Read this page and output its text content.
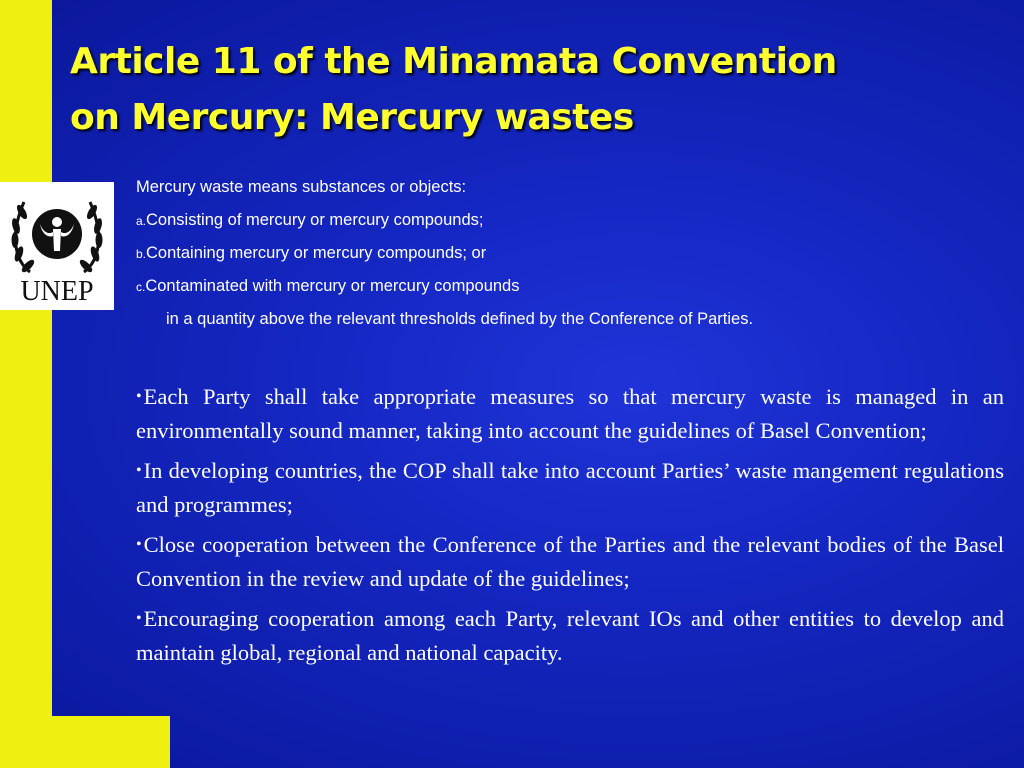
Article 11 of the Minamata Convention
on Mercury: Mercury wastes
UNEP
Mercury waste means substances or objects:
a.Consisting of mercury or mercury compounds;
b.Containing mercury or mercury compounds; or
c.Contaminated with mercury or mercury compounds
in a quantity above the relevant thresholds defined by the Conference of Parties.

•Each Party shall take appropriate measures so that mercury waste is managed in an environmentally sound manner, taking into account the guidelines of Basel Convention;

•In developing countries, the COP shall take into account Parties’ waste mangement regulations and programmes;

•Close cooperation between the Conference of the Parties and the relevant bodies of the Basel Convention in the review and update of the guidelines;

•Encouraging cooperation among each Party, relevant IOs and other entities to develop and maintain global, regional and national capacity.
